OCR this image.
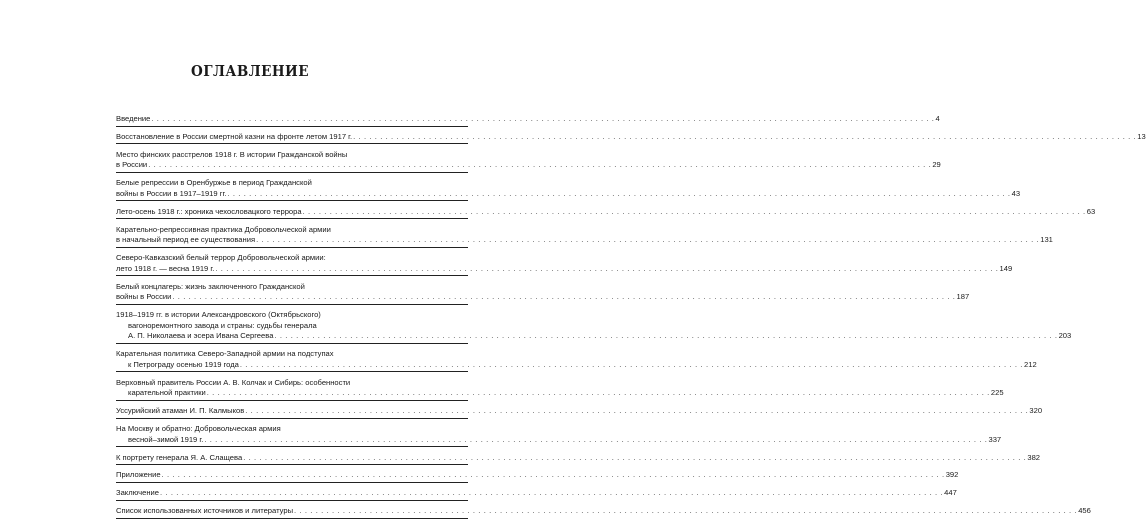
ОГЛАВЛЕНИЕ
Введение . . .	4
Восстановление в России смертной казни на фронте летом 1917 г. . . .	13
Место финских расстрелов 1918 г. В истории Гражданской войны
в России . . .	29
Белые репрессии в Оренбуржье в период Гражданской
войны в России в 1917–1919 гг. . . .	43
Лето-осень 1918 г.: хроника чехословацкого террора . . .	63
Карательно-репрессивная практика Добровольческой армии
в начальный период ее существования . . .	131
Северо-Кавказский белый террор Добровольческой армии:
лето 1918 г. — весна 1919 г. . . .	149
Белый концлагерь: жизнь заключенного Гражданской
войны в России . . .	187
1918–1919 гг. в истории Александровского (Октябрьского)
вагоноремонтного завода и страны: судьбы генерала
А. П. Николаева и эсера Ивана Сергеева . . .	203
Карательная политика Северо-Западной армии на подступах
к Петрограду осенью 1919 года . . .	212
Верховный правитель России А. В. Колчак и Сибирь: особенности
карательной практики . . .	225
Уссурийский атаман И. П. Калмыков . . .	320
На Москву и обратно: Добровольческая армия
весной–зимой 1919 г. . . .	337
К портрету генерала Я. А. Слащева . . .	382
Приложение . . .	392
Заключение . . .	447
Список использованных источников и литературы . . .	456
